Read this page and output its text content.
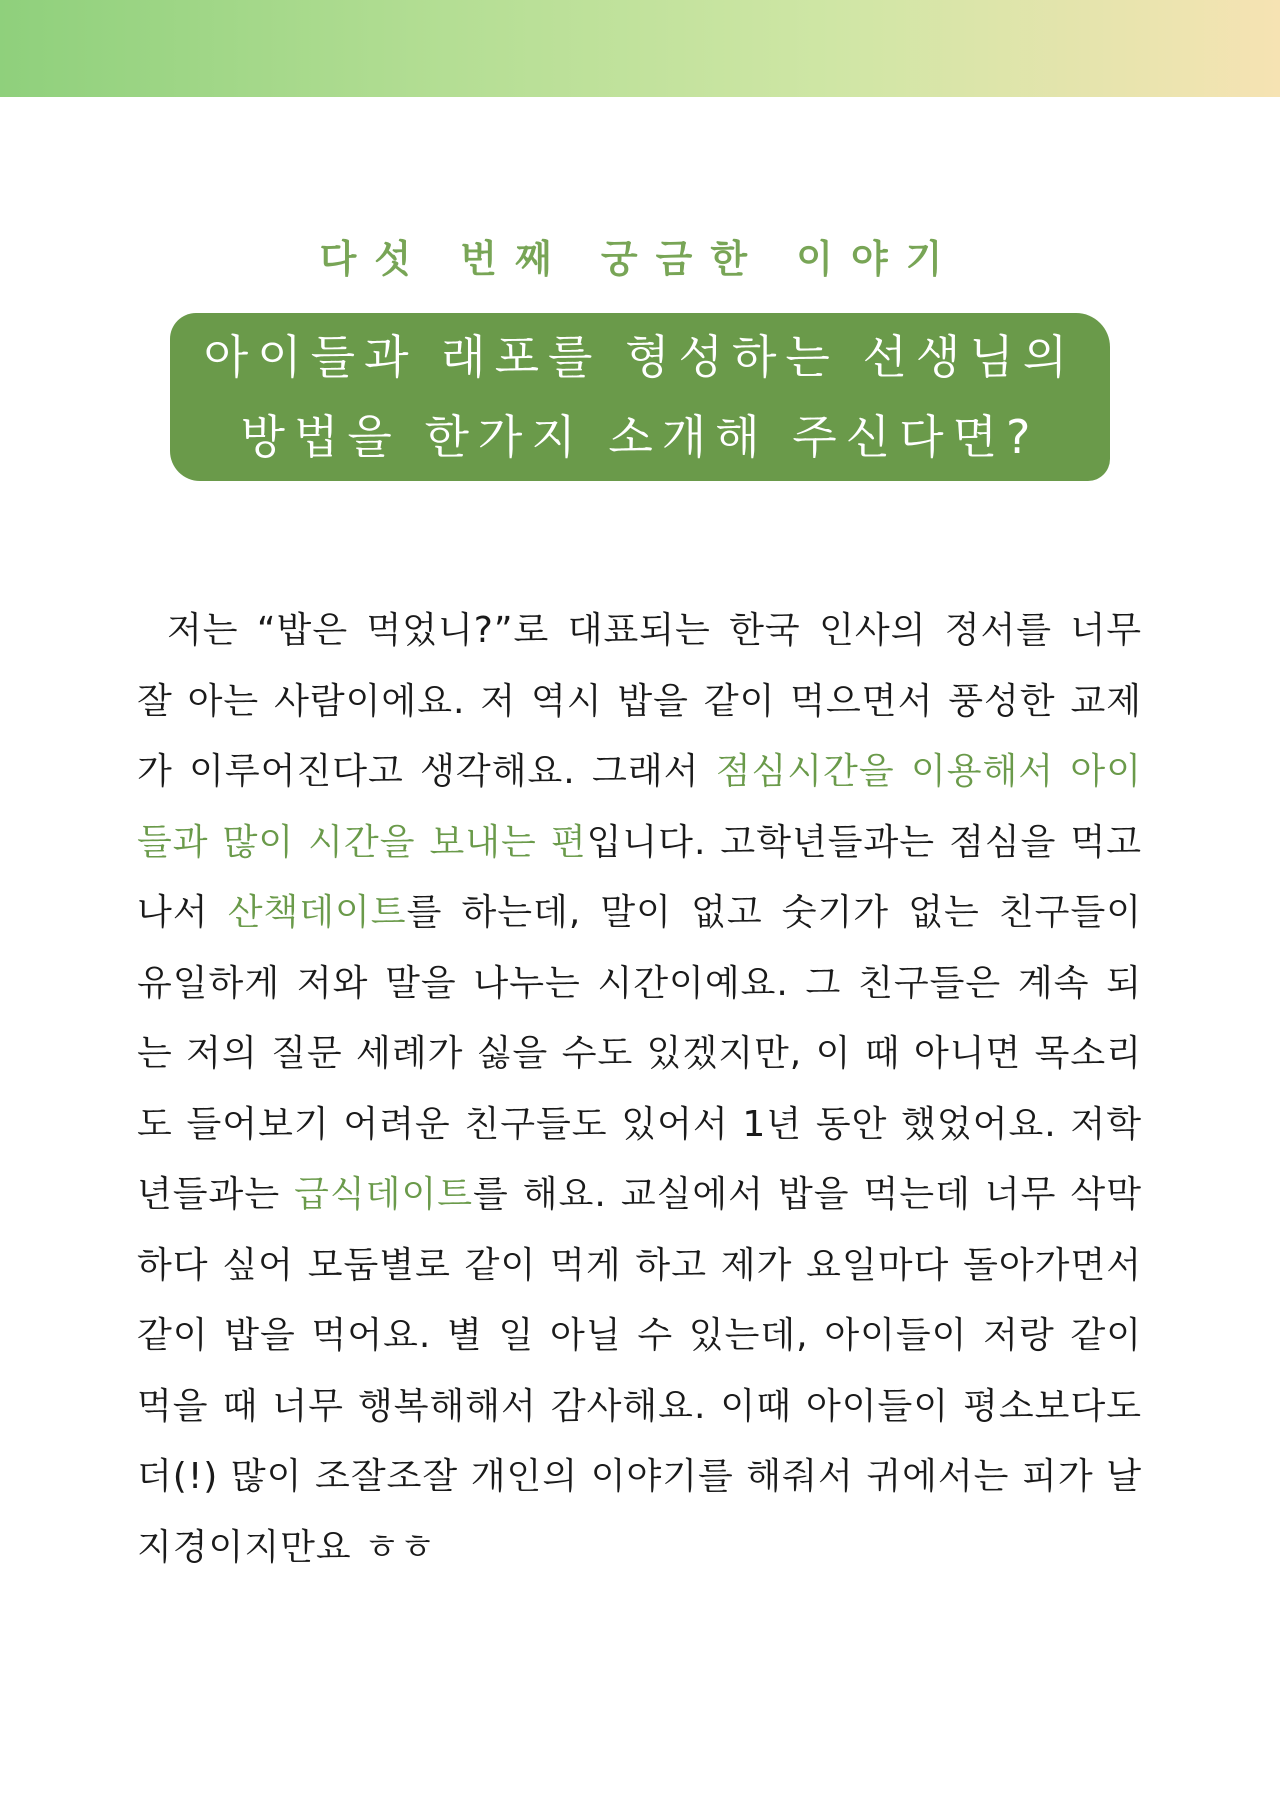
다섯 번째 궁금한 이야기
아이들과 래포를 형성하는 선생님의
방법을 한가지 소개해 주신다면?
저는 “밥은 먹었니?”로 대표되는 한국 인사의 정서를 너무 잘 아는 사람이에요. 저 역시 밥을 같이 먹으면서 풍성한 교제가 이루어진다고 생각해요. 그래서 점심시간을 이용해서 아이들과 많이 시간을 보내는 편입니다. 고학년들과는 점심을 먹고 나서 산책데이트를 하는데, 말이 없고 숫기가 없는 친구들이 유일하게 저와 말을 나누는 시간이예요. 그 친구들은 계속 되는 저의 질문 세례가 싫을 수도 있겠지만, 이 때 아니면 목소리도 들어보기 어려운 친구들도 있어서 1년 동안 했었어요. 저학년들과는 급식데이트를 해요. 교실에서 밥을 먹는데 너무 삭막하다 싶어 모둠별로 같이 먹게 하고 제가 요일마다 돌아가면서 같이 밥을 먹어요. 별 일 아닐 수 있는데, 아이들이 저랑 같이 먹을 때 너무 행복해해서 감사해요. 이때 아이들이 평소보다도 더(!) 많이 조잘조잘 개인의 이야기를 해줘서 귀에서는 피가 날 지경이지만요 ㅎㅎ
